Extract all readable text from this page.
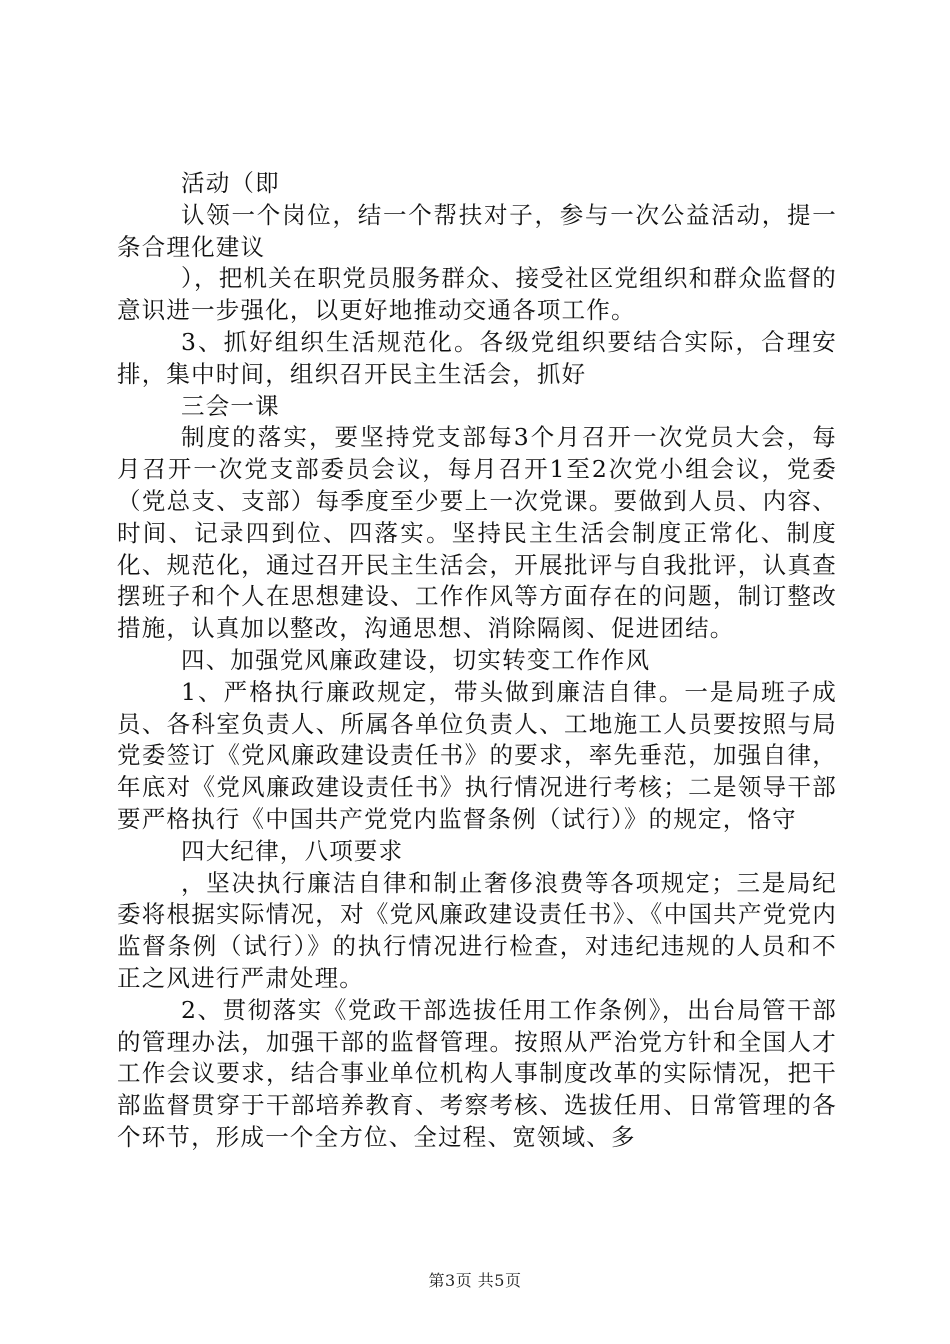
活动（即

认领一个岗位，结一个帮扶对子，参与一次公益活动，提一条合理化建议

），把机关在职党员服务群众、接受社区党组织和群众监督的意识进一步强化，以更好地推动交通各项工作。

3、抓好组织生活规范化。各级党组织要结合实际，合理安排，集中时间，组织召开民主生活会，抓好

三会一课

制度的落实，要坚持党支部每3个月召开一次党员大会，每月召开一次党支部委员会议，每月召开1至2次党小组会议，党委（党总支、支部）每季度至少要上一次党课。要做到人员、内容、时间、记录四到位、四落实。坚持民主生活会制度正常化、制度化、规范化，通过召开民主生活会，开展批评与自我批评，认真查摆班子和个人在思想建设、工作作风等方面存在的问题，制订整改措施，认真加以整改，沟通思想、消除隔阂、促进团结。

四、加强党风廉政建设，切实转变工作作风

1、严格执行廉政规定，带头做到廉洁自律。一是局班子成员、各科室负责人、所属各单位负责人、工地施工人员要按照与局党委签订《党风廉政建设责任书》的要求，率先垂范，加强自律，年底对《党风廉政建设责任书》执行情况进行考核；二是领导干部要严格执行《中国共产党党内监督条例（试行）》的规定，恪守

四大纪律，八项要求

，坚决执行廉洁自律和制止奢侈浪费等各项规定；三是局纪委将根据实际情况，对《党风廉政建设责任书》、《中国共产党党内监督条例（试行）》的执行情况进行检查，对违纪违规的人员和不正之风进行严肃处理。

2、贯彻落实《党政干部选拔任用工作条例》，出台局管干部的管理办法，加强干部的监督管理。按照从严治党方针和全国人才工作会议要求，结合事业单位机构人事制度改革的实际情况，把干部监督贯穿于干部培养教育、考察考核、选拔任用、日常管理的各个环节，形成一个全方位、全过程、宽领域、多

第3页 共5页
